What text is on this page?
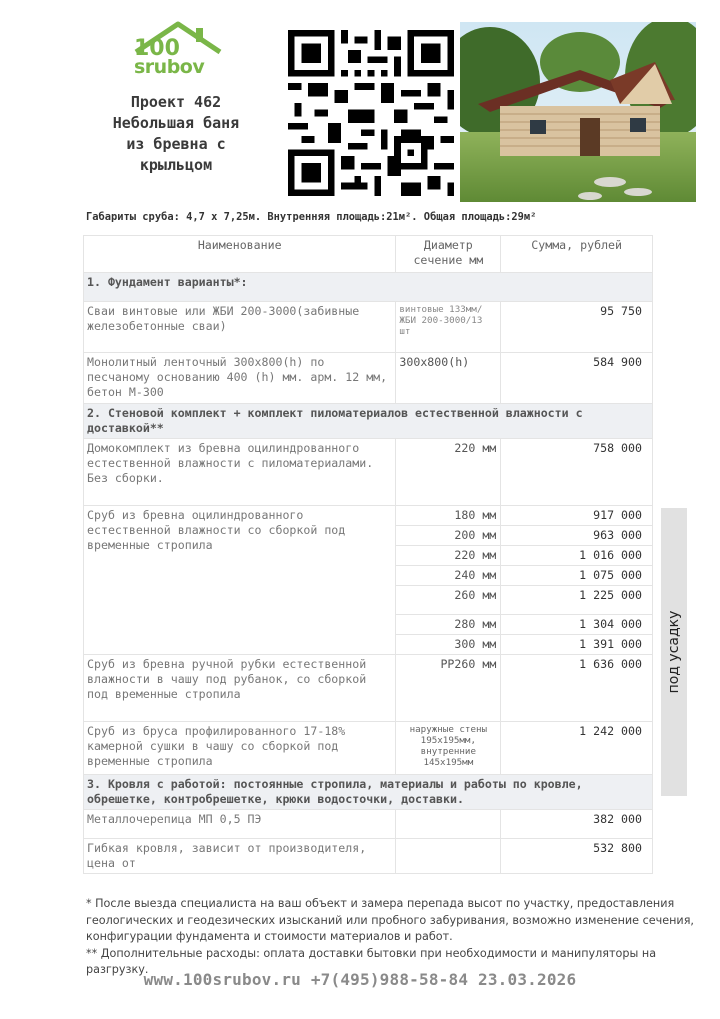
100
srubov
Проект 462
Небольшая баня
из бревна с
крыльцом
Габариты сруба: 4,7 х 7,25м. Внутренняя площадь:21м². Общая площадь:29м²
Наименование	Диаметр сечение мм	Сумма, рублей
1. Фундамент варианты*:		
Сваи винтовые или ЖБИ 200-3000(забивные железобетонные сваи)	винтовые 133мм/ЖБИ 200-3000/13 шт	95 750
Монолитный ленточный 300х800(h) по песчаному основанию 400 (h) мм. арм. 12 мм, бетон М-300	300х800(h)	584 900
2. Стеновой комплект + комплект пиломатериалов естественной влажности с доставкой**		
Домокомплект из бревна оцилиндрованного естественной влажности с пиломатериалами. Без сборки.	220 мм	758 000
Сруб из бревна оцилиндрованного естественной влажности со сборкой под временные стропила	180 мм	917 000
	200 мм	963 000
	220 мм	1 016 000
	240 мм	1 075 000
	260 мм	1 225 000
	280 мм	1 304 000
	300 мм	1 391 000
Сруб из бревна ручной рубки естественной влажности в чашу под рубанок, со сборкой под временные стропила	РР260 мм	1 636 000
Сруб из бруса профилированного 17-18% камерной сушки в чашу со сборкой под временные стропила	наружные стены 195х195мм, внутренние 145х195мм	1 242 000
3. Кровля с работой: постоянные стропила, материалы и работы по кровле, обрешетке, контробрешетке, крюки водосточки, доставки.		
Металлочерепица МП 0,5 ПЭ		382 000
Гибкая кровля, зависит от производителя, цена от		532 800
под усадку
* После выезда специалиста на ваш объект и замера перепада высот по участку, предоставления геологических и геодезических изысканий или пробного забуривания, возможно изменение сечения, конфигурации фундамента и стоимости материалов и работ.
** Дополнительные расходы: оплата доставки бытовки при необходимости и манипуляторы на разгрузку.
www.100srubov.ru +7(495)988-58-84 23.03.2026
